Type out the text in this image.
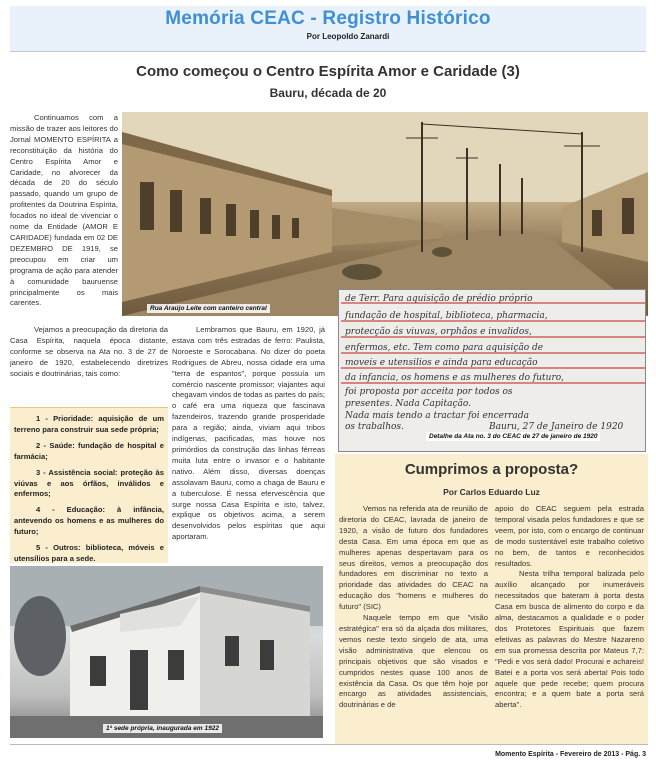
Memória CEAC - Registro Histórico
Por Leopoldo Zanardi
Como começou o Centro Espírita Amor e Caridade (3)
Bauru, década de 20
Continuamos com a missão de trazer aos leitores do Jornal MOMENTO ESPÍRITA a reconstituição da história do Centro Espírita Amor e Caridade, no alvorecer da década de 20 do século passado, quando um grupo de profitentes da Doutrina Espírita, focados no ideal de vivenciar o nome da Entidade (AMOR E CARIDADE) fundada em 02 DE DEZEMBRO DE 1919, se preocupou em criar um programa de ação para atender à comunidade bauruense principalmente os mais carentes.
Rua Araújo Leite com canteiro central
de Terr. Para aquisição de prédio próprio
fundação de hospital, biblioteca, pharmacia,
protecção ás viuvas, orphãos e invalidos,
enfermos, etc. Tem como para aquisição de
moveis e utensilios e ainda para educação
da infancia, os homens e as mulheres do futuro,
foi proposta por acceita por todos os
presentes. Nada Capitação.
Nada mais tendo a tractar foi encerrada
os trabalhos.	Bauru, 27 de Janeiro de 1920
Detalhe da Ata no. 3 do CEAC de 27 de janeiro de 1920
Vejamos a preocupação da diretoria da Casa Espírita, naquela época distante, conforme se observa na Ata no. 3 de 27 de janeiro de 1920, estabelecendo diretrizes sociais e doutrinárias, tais como:

1 - Prioridade: aquisição de um terreno para construir sua sede própria;

2 - Saúde: fundação de hospital e farmácia;

3 - Assistência social: proteção às viúvas e aos órfãos, inválidos e enfermos;

4 - Educação: à infância, antevendo os homens e as mulheres do futuro;

5 - Outros: biblioteca, móveis e utensílios para a sede.

Lembramos que Bauru, em 1920, já estava com três estradas de ferro: Paulista, Noroeste e Sorocabana. No dizer do poeta Rodrigues de Abreu, nossa cidade era uma "terra de espantos", porque possuía um comércio nascente promissor; viajantes aqui chegavam vindos de todas as partes do país; o café era uma riqueza que fascinava fazendeiros, trazendo grande prosperidade para a região; ainda, viviam aqui tribos indígenas, pacificadas, mas houve nos primórdios da construção das linhas férreas muita luta entre o invasor e o habitante nativo. Além disso, diversas doenças assolavam Bauru, como a chaga de Bauru e a tuberculose. É nessa efervescência que surge nossa Casa Espírita e isto, talvez, explique os objetivos acima, a serem desenvolvidos pelos espíritas que aqui aportaram.
1ª sede própria, inaugurada em 1922
Cumprimos a proposta?
Por Carlos Eduardo Luz

Vemos na referida ata de reunião de diretoria do CEAC, lavrada de janeiro de 1920, a visão de futuro dos fundadores desta Casa. Em uma época em que as mulheres apenas despertavam para os seus direitos, vemos a preocupação dos fundadores em discriminar no texto a prioridade das atividades do CEAC na educação dos "homens e mulheres do futuro" (SIC)

Naquele tempo em que "visão estratégica" era só da alçada dos militares, vemos neste texto singelo de ata, uma visão administrativa que elencou os principais objetivos que são visados e cumpridos nestes quase 100 anos de existência da Casa. Os que têm hoje por encargo as atividades assistenciais, doutrinárias e de

apoio do CEAC seguem pela estrada temporal visada pelos fundadores e que se veem, por isto, com o encargo de continuar de modo sustentável este trabalho coletivo no bem, de tantos e reconhecidos resultados.

Nesta trilha temporal balizada pelo auxílio alcançado por inumeráveis necessitados que bateram à porta desta Casa em busca de alimento do corpo e da alma, destacamos a qualidade e o poder dos Protetores Espirituais que fazem efetivas as palavras do Mestre Nazareno em sua promessa descrita por Mateus 7,7: "Pedi e vos será dado! Procurai e achareis! Batei e a porta vos será aberta! Pois todo aquele que pede recebe; quem procura encontra; e a quem bate a porta será aberta".

Momento Espírita - Fevereiro de 2013 - Pág. 3
